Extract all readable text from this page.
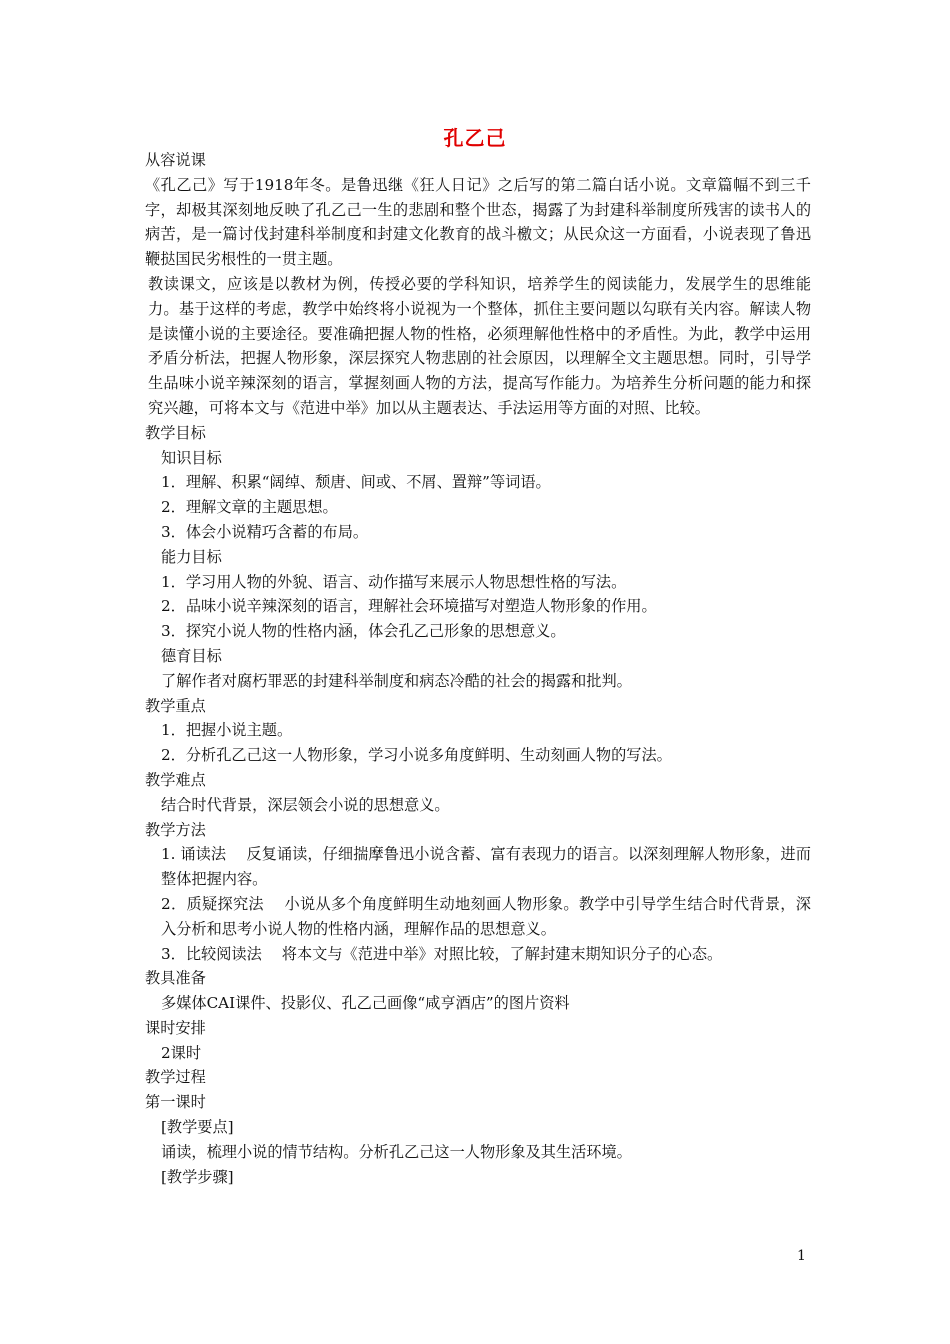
孔乙己

从容说课

《孔乙己》写于1918年冬。是鲁迅继《狂人日记》之后写的第二篇白话小说。文章篇幅不到三千字，却极其深刻地反映了孔乙己一生的悲剧和整个世态，揭露了为封建科举制度所残害的读书人的病苦，是一篇讨伐封建科举制度和封建文化教育的战斗檄文；从民众这一方面看，小说表现了鲁迅鞭挞国民劣根性的一贯主题。

教读课文，应该是以教材为例，传授必要的学科知识，培养学生的阅读能力，发展学生的思维能力。基于这样的考虑，教学中始终将小说视为一个整体，抓住主要问题以勾联有关内容。解读人物是读懂小说的主要途径。要准确把握人物的性格，必须理解他性格中的矛盾性。为此，教学中运用矛盾分析法，把握人物形象，深层探究人物悲剧的社会原因，以理解全文主题思想。同时，引导学生品味小说辛辣深刻的语言，掌握刻画人物的方法，提高写作能力。为培养生分析问题的能力和探究兴趣，可将本文与《范进中举》加以从主题表达、手法运用等方面的对照、比较。

教学目标

知识目标

1．理解、积累“阔绰、颓唐、间或、不屑、置辩”等词语。

2．理解文章的主题思想。

3．体会小说精巧含蓄的布局。

能力目标

1．学习用人物的外貌、语言、动作描写来展示人物思想性格的写法。

2．品味小说辛辣深刻的语言，理解社会环境描写对塑造人物形象的作用。

3．探究小说人物的性格内涵，体会孔乙己形象的思想意义。

德育目标

了解作者对腐朽罪恶的封建科举制度和病态冷酷的社会的揭露和批判。

教学重点

1．把握小说主题。

2．分析孔乙己这一人物形象，学习小说多角度鲜明、生动刻画人物的写法。

教学难点

结合时代背景，深层领会小说的思想意义。

教学方法

1. 诵读法　 反复诵读，仔细揣摩鲁迅小说含蓄、富有表现力的语言。以深刻理解人物形象，进而整体把握内容。

2．质疑探究法　 小说从多个角度鲜明生动地刻画人物形象。教学中引导学生结合时代背景，深入分析和思考小说人物的性格内涵，理解作品的思想意义。

3．比较阅读法　 将本文与《范进中举》对照比较，了解封建末期知识分子的心态。

教具准备

多媒体CAI课件、投影仪、孔乙己画像“咸亨酒店”的图片资料

课时安排

2课时

教学过程

第一课时

[教学要点]

诵读，梳理小说的情节结构。分析孔乙己这一人物形象及其生活环境。

[教学步骤]

1
